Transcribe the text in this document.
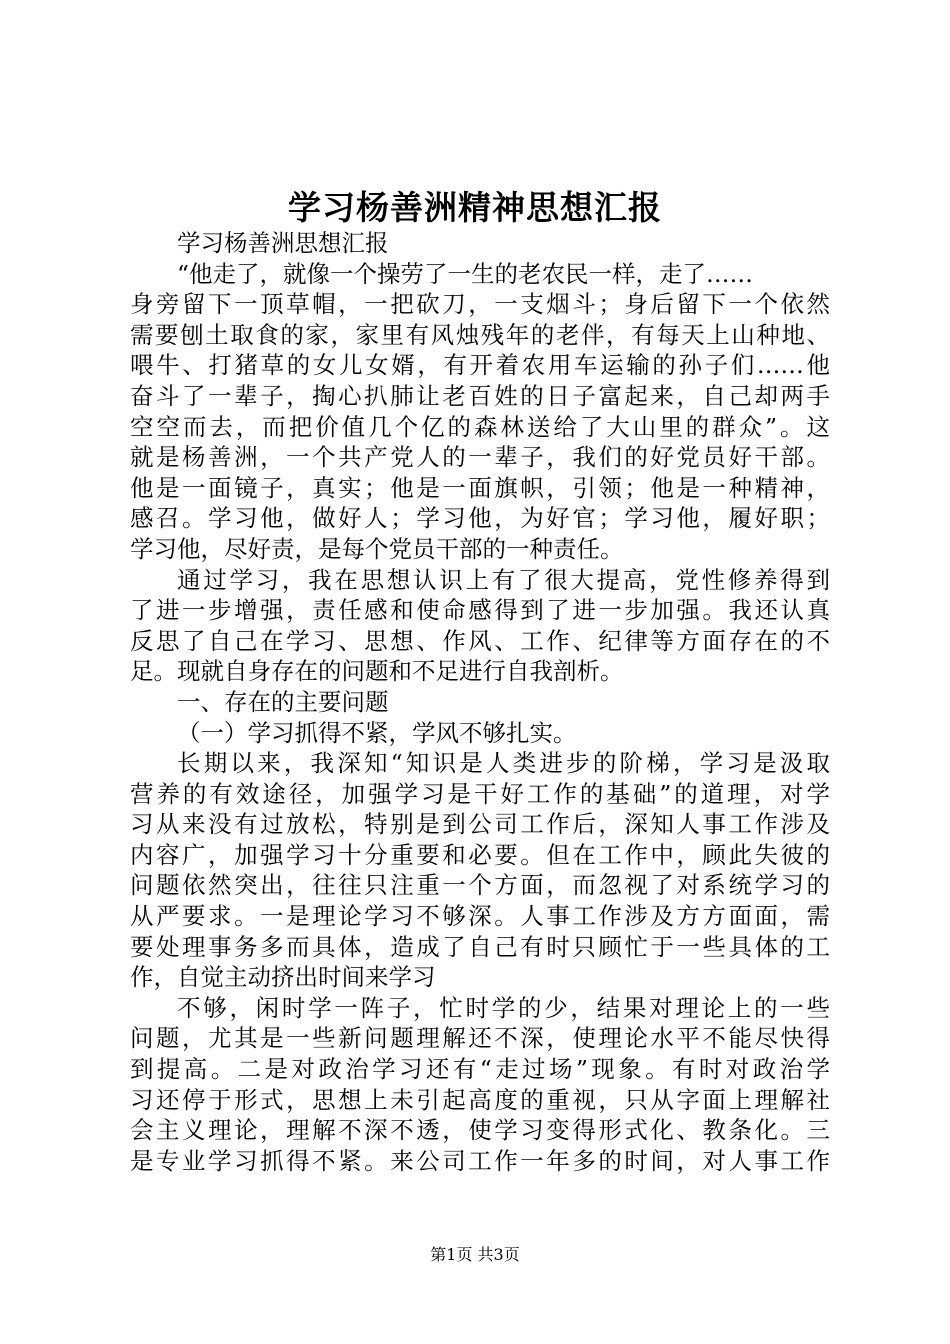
学习杨善洲精神思想汇报
学习杨善洲思想汇报
“他走了，就像一个操劳了一生的老农民一样，走了……
身旁留下一顶草帽，一把砍刀，一支烟斗；身后留下一个依然
需要刨土取食的家，家里有风烛残年的老伴，有每天上山种地、
喂牛、打猪草的女儿女婿，有开着农用车运输的孙子们……他
奋斗了一辈子，掏心扒肺让老百姓的日子富起来，自己却两手
空空而去，而把价值几个亿的森林送给了大山里的群众”。这
就是杨善洲，一个共产党人的一辈子，我们的好党员好干部。
他是一面镜子，真实；他是一面旗帜，引领；他是一种精神，
感召。学习他，做好人；学习他，为好官；学习他，履好职；
学习他，尽好责，是每个党员干部的一种责任。
通过学习，我在思想认识上有了很大提高，党性修养得到
了进一步增强，责任感和使命感得到了进一步加强。我还认真
反思了自己在学习、思想、作风、工作、纪律等方面存在的不
足。现就自身存在的问题和不足进行自我剖析。
一、存在的主要问题
（一）学习抓得不紧，学风不够扎实。
长期以来，我深知“知识是人类进步的阶梯，学习是汲取
营养的有效途径，加强学习是干好工作的基础”的道理，对学
习从来没有过放松，特别是到公司工作后，深知人事工作涉及
内容广，加强学习十分重要和必要。但在工作中，顾此失彼的
问题依然突出，往往只注重一个方面，而忽视了对系统学习的
从严要求。一是理论学习不够深。人事工作涉及方方面面，需
要处理事务多而具体，造成了自己有时只顾忙于一些具体的工
作，自觉主动挤出时间来学习
不够，闲时学一阵子，忙时学的少，结果对理论上的一些
问题，尤其是一些新问题理解还不深，使理论水平不能尽快得
到提高。二是对政治学习还有“走过场”现象。有时对政治学
习还停于形式，思想上未引起高度的重视，只从字面上理解社
会主义理论，理解不深不透，使学习变得形式化、教条化。三
是专业学习抓得不紧。来公司工作一年多的时间，对人事工作
第1页 共3页
